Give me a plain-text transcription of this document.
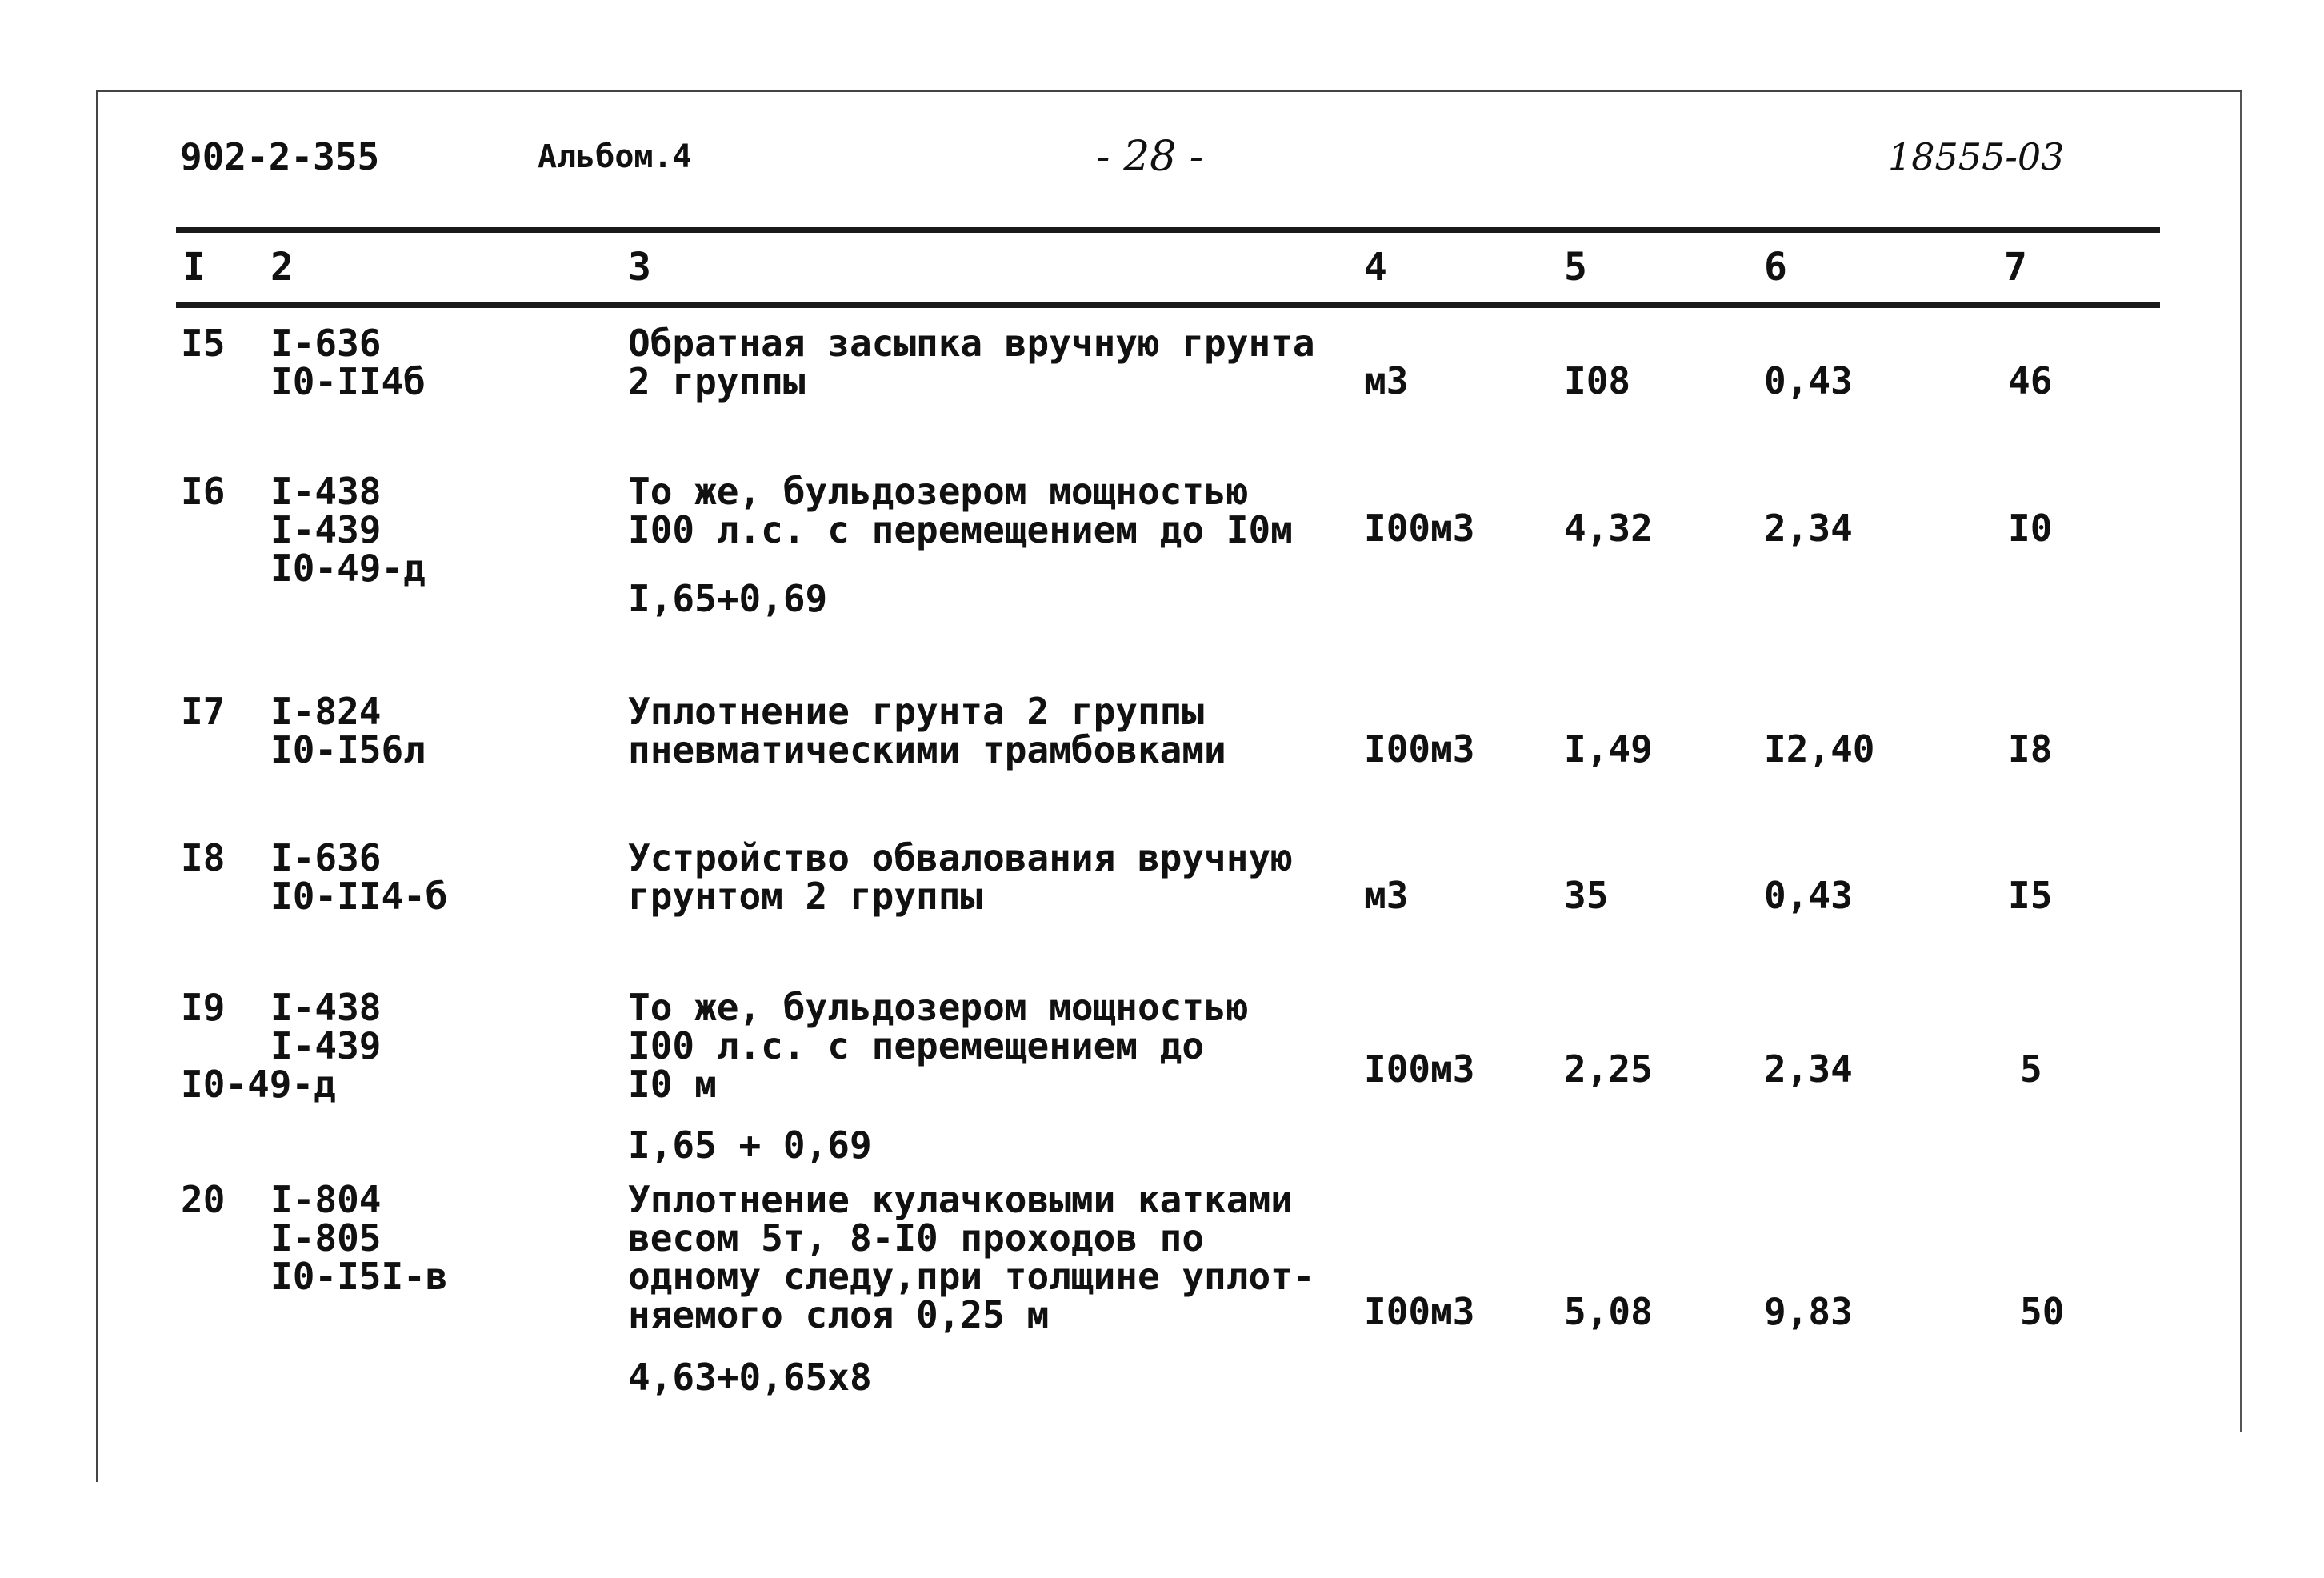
902-2-355	Альбом.4	- 28 -	18555-03
I 2	3	4	5	6	7
I5 I-636
I0-II4б
Обратная засыпка вручную грунта
2 группы	м3	I08	0,43	46
I6 I-438
I-439
I0-49-д
То же, бульдозером мощностью
I00 л.с. с перемещением до I0м
I,65+0,69
I00м3 4,32	2,34	I0
I7 I-824
I0-I56л
Уплотнение грунта 2 группы
пневматическими трамбовками	I00м3 I,49	I2,40	I8
I8 I-636
I0-II4-б
Устройство обвалования вручную
грунтом 2 группы	м3	35	0,43	I5
I9 I-438
I-439
I0-49-д
То же, бульдозером мощностью
I00 л.с. с перемещением до
I0 м
I,65 + 0,69
I00м3 2,25	2,34	5
20 I-804
I-805
I0-I5I-в
Уплотнение кулачковыми катками
весом 5т, 8-I0 проходов по
одному следу,при толщине уплот-
няемого слоя 0,25 м
4,63+0,65х8
I00м3 5,08	9,83	50
